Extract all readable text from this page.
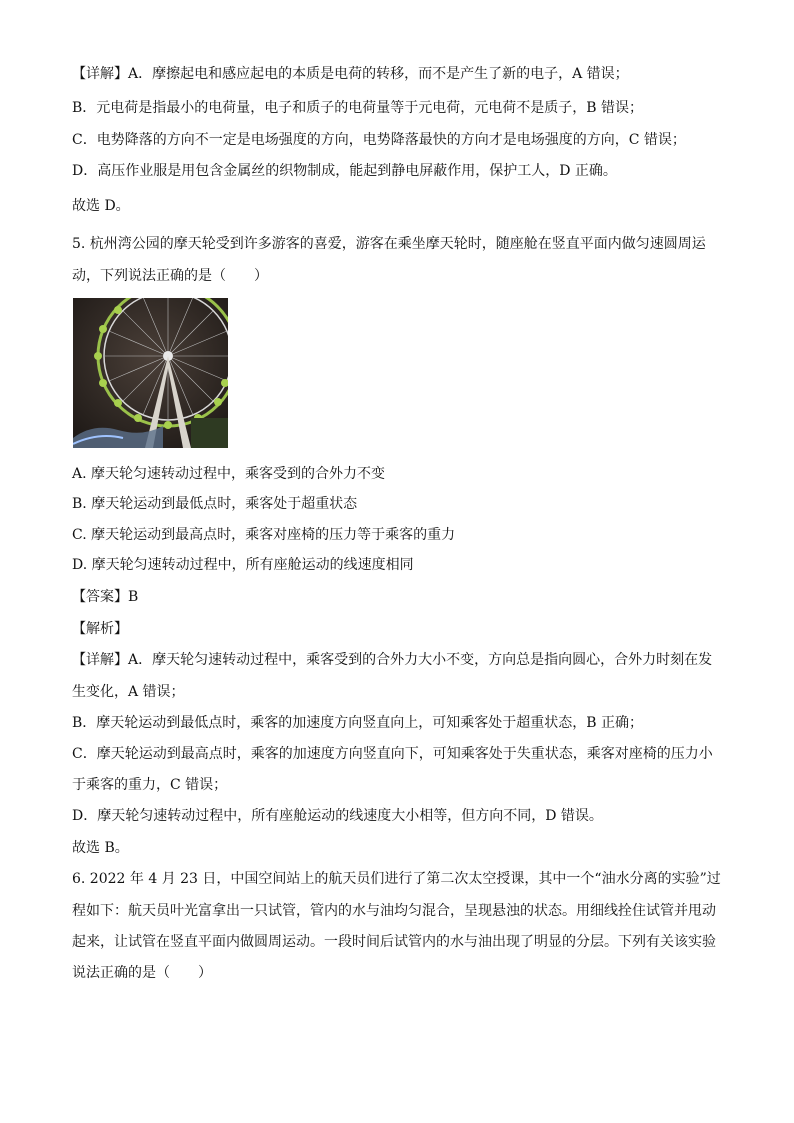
【详解】A．摩擦起电和感应起电的本质是电荷的转移，而不是产生了新的电子，A 错误；
B．元电荷是指最小的电荷量，电子和质子的电荷量等于元电荷，元电荷不是质子，B 错误；
C．电势降落的方向不一定是电场强度的方向，电势降落最快的方向才是电场强度的方向，C 错误；
D．高压作业服是用包含金属丝的织物制成，能起到静电屏蔽作用，保护工人，D 正确。
故选 D。
5. 杭州湾公园的摩天轮受到许多游客的喜爱，游客在乘坐摩天轮时，随座舱在竖直平面内做匀速圆周运
动，下列说法正确的是（　　）
A. 摩天轮匀速转动过程中，乘客受到的合外力不变
B. 摩天轮运动到最低点时，乘客处于超重状态
C. 摩天轮运动到最高点时，乘客对座椅的压力等于乘客的重力
D. 摩天轮匀速转动过程中，所有座舱运动的线速度相同
【答案】B
【解析】
【详解】A．摩天轮匀速转动过程中，乘客受到的合外力大小不变，方向总是指向圆心，合外力时刻在发
生变化，A 错误；
B．摩天轮运动到最低点时，乘客的加速度方向竖直向上，可知乘客处于超重状态，B 正确；
C．摩天轮运动到最高点时，乘客的加速度方向竖直向下，可知乘客处于失重状态，乘客对座椅的压力小
于乘客的重力，C 错误；
D．摩天轮匀速转动过程中，所有座舱运动的线速度大小相等，但方向不同，D 错误。
故选 B。
6. 2022 年 4 月 23 日，中国空间站上的航天员们进行了第二次太空授课，其中一个“油水分离的实验”过
程如下：航天员叶光富拿出一只试管，管内的水与油均匀混合，呈现悬浊的状态。用细线拴住试管并甩动
起来，让试管在竖直平面内做圆周运动。一段时间后试管内的水与油出现了明显的分层。下列有关该实验
说法正确的是（　　）
